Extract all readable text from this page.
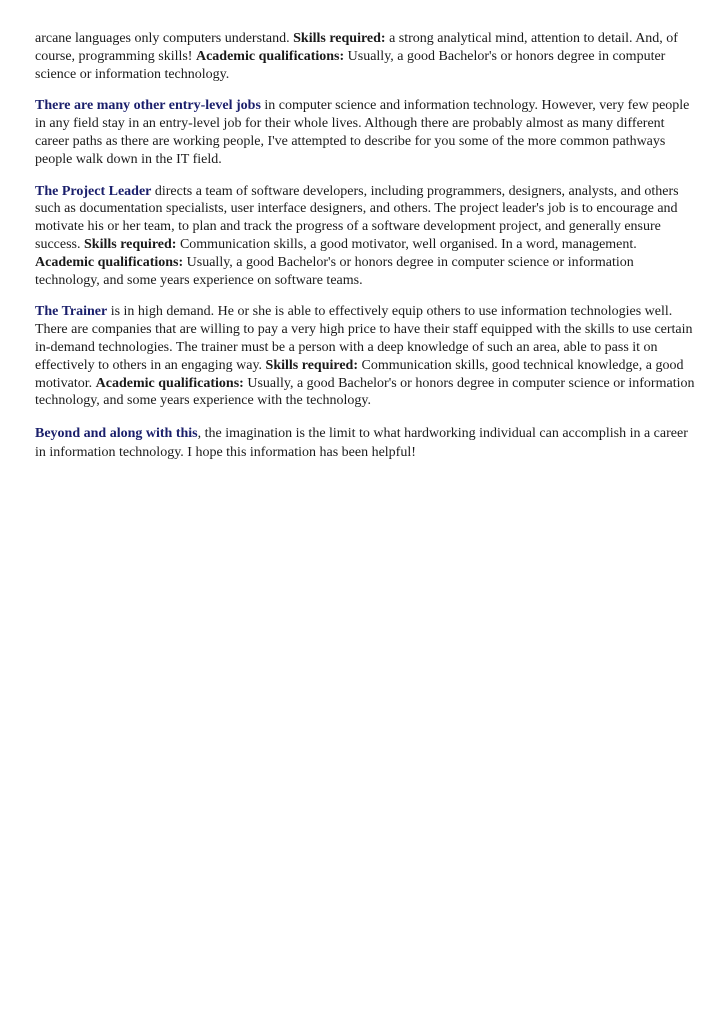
arcane languages only computers understand. Skills required: a strong analytical mind, attention to detail. And, of course, programming skills! Academic qualifications: Usually, a good Bachelor's or honors degree in computer science or information technology.

There are many other entry-level jobs in computer science and information technology. However, very few people in any field stay in an entry-level job for their whole lives. Although there are probably almost as many different career paths as there are working people, I've attempted to describe for you some of the more common pathways people walk down in the IT field.

The Project Leader directs a team of software developers, including programmers, designers, analysts, and others such as documentation specialists, user interface designers, and others. The project leader's job is to encourage and motivate his or her team, to plan and track the progress of a software development project, and generally ensure success. Skills required: Communication skills, a good motivator, well organised. In a word, management. Academic qualifications: Usually, a good Bachelor's or honors degree in computer science or information technology, and some years experience on software teams.

The Trainer is in high demand. He or she is able to effectively equip others to use information technologies well. There are companies that are willing to pay a very high price to have their staff equipped with the skills to use certain in-demand technologies. The trainer must be a person with a deep knowledge of such an area, able to pass it on effectively to others in an engaging way. Skills required: Communication skills, good technical knowledge, a good motivator. Academic qualifications: Usually, a good Bachelor's or honors degree in computer science or information technology, and some years experience with the technology.

Beyond and along with this, the imagination is the limit to what hardworking individual can accomplish in a career in information technology. I hope this information has been helpful!
